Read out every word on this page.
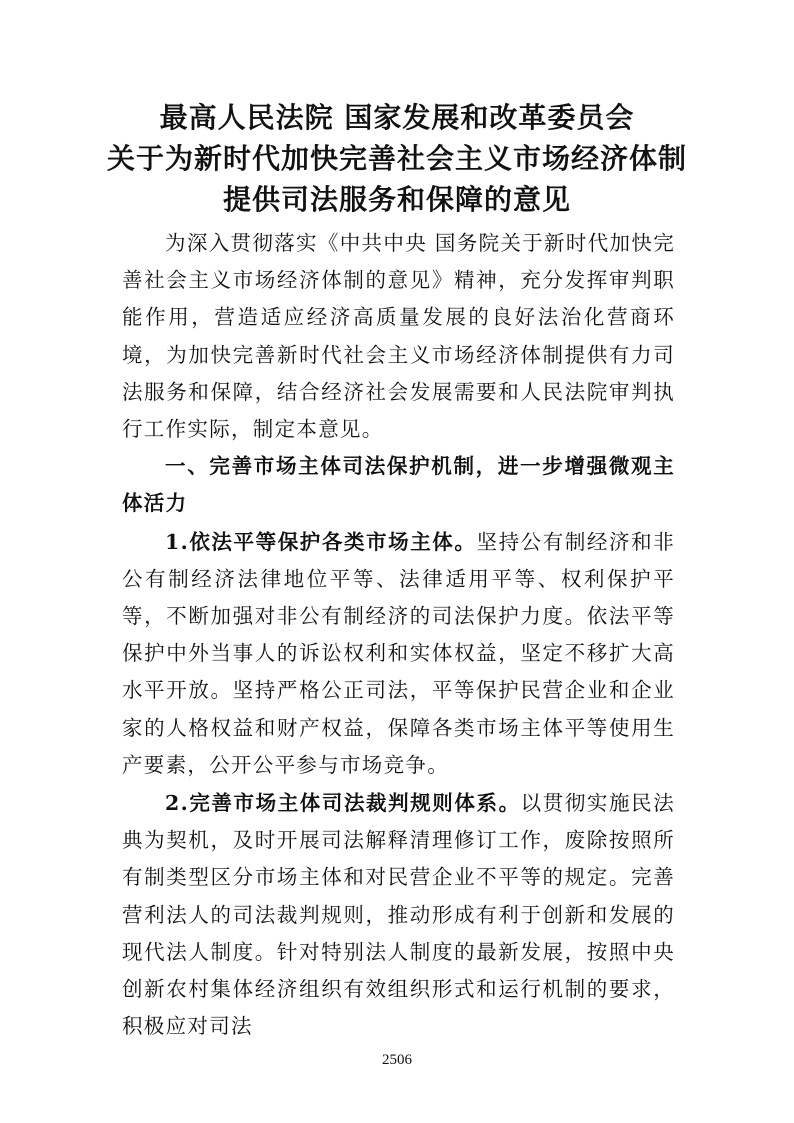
最高人民法院 国家发展和改革委员会
关于为新时代加快完善社会主义市场经济体制
提供司法服务和保障的意见

为深入贯彻落实《中共中央 国务院关于新时代加快完善社会主义市场经济体制的意见》精神，充分发挥审判职能作用，营造适应经济高质量发展的良好法治化营商环境，为加快完善新时代社会主义市场经济体制提供有力司法服务和保障，结合经济社会发展需要和人民法院审判执行工作实际，制定本意见。

一、完善市场主体司法保护机制，进一步增强微观主体活力

1.依法平等保护各类市场主体。坚持公有制经济和非公有制经济法律地位平等、法律适用平等、权利保护平等，不断加强对非公有制经济的司法保护力度。依法平等保护中外当事人的诉讼权利和实体权益，坚定不移扩大高水平开放。坚持严格公正司法，平等保护民营企业和企业家的人格权益和财产权益，保障各类市场主体平等使用生产要素，公开公平参与市场竞争。

2.完善市场主体司法裁判规则体系。以贯彻实施民法典为契机，及时开展司法解释清理修订工作，废除按照所有制类型区分市场主体和对民营企业不平等的规定。完善营利法人的司法裁判规则，推动形成有利于创新和发展的现代法人制度。针对特别法人制度的最新发展，按照中央创新农村集体经济组织有效组织形式和运行机制的要求，积极应对司法

2506
